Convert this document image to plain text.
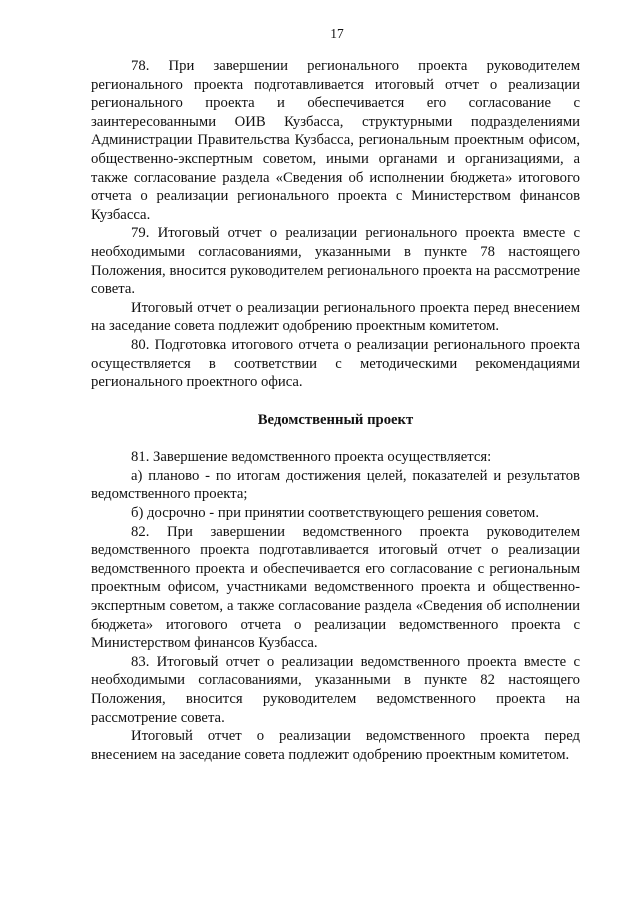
17

78. При завершении регионального проекта руководителем регионального проекта подготавливается итоговый отчет о реализации регионального проекта и обеспечивается его согласование с заинтересованными ОИВ Кузбасса, структурными подразделениями Администрации Правительства Кузбасса, региональным проектным офисом, общественно-экспертным советом, иными органами и организациями, а также согласование раздела «Сведения об исполнении бюджета» итогового отчета о реализации регионального проекта с Министерством финансов Кузбасса.

79. Итоговый отчет о реализации регионального проекта вместе с необходимыми согласованиями, указанными в пункте 78 настоящего Положения, вносится руководителем регионального проекта на рассмотрение совета.

Итоговый отчет о реализации регионального проекта перед внесением на заседание совета подлежит одобрению проектным комитетом.

80. Подготовка итогового отчета о реализации регионального проекта осуществляется в соответствии с методическими рекомендациями регионального проектного офиса.

Ведомственный проект

81. Завершение ведомственного проекта осуществляется:

а) планово - по итогам достижения целей, показателей и результатов ведомственного проекта;

б) досрочно - при принятии соответствующего решения советом.

82. При завершении ведомственного проекта руководителем ведомственного проекта подготавливается итоговый отчет о реализации ведомственного проекта и обеспечивается его согласование с региональным проектным офисом, участниками ведомственного проекта и общественно-экспертным советом, а также согласование раздела «Сведения об исполнении бюджета» итогового отчета о реализации ведомственного проекта с Министерством финансов Кузбасса.

83. Итоговый отчет о реализации ведомственного проекта вместе с необходимыми согласованиями, указанными в пункте 82 настоящего Положения, вносится руководителем ведомственного проекта на рассмотрение совета.

Итоговый отчет о реализации ведомственного проекта перед внесением на заседание совета подлежит одобрению проектным комитетом.
